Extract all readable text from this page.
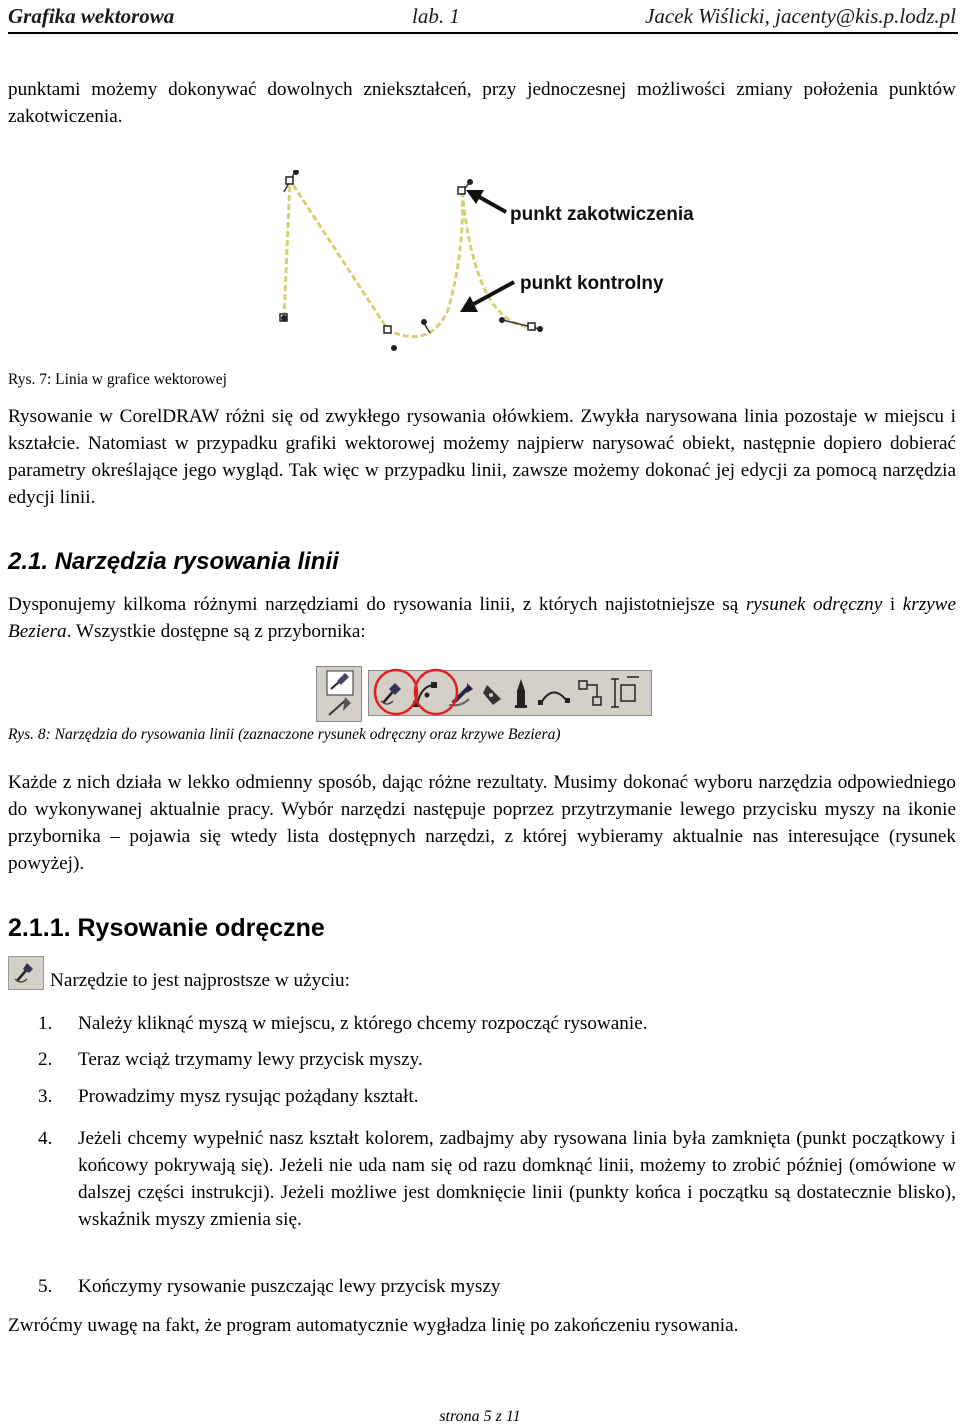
Grafika wektorowa	lab. 1	Jacek Wiślicki, jacenty@kis.p.lodz.pl

punktami możemy dokonywać dowolnych zniekształceń, przy jednoczesnej możliwości zmiany położenia punktów zakotwiczenia.

punkt zakotwiczenia
punkt kontrolny
Rys. 7: Linia w grafice wektorowej

Rysowanie w CorelDRAW różni się od zwykłego rysowania ołówkiem. Zwykła narysowana linia pozostaje w miejscu i kształcie. Natomiast w przypadku grafiki wektorowej możemy najpierw narysować obiekt, następnie dopiero dobierać parametry określające jego wygląd. Tak więc w przypadku linii, zawsze możemy dokonać jej edycji za pomocą narzędzia edycji linii.

2.1. Narzędzia rysowania linii

Dysponujemy kilkoma różnymi narzędziami do rysowania linii, z których najistotniejsze są rysunek odręczny i krzywe Beziera. Wszystkie dostępne są z przybornika:

Rys. 8: Narzędzia do rysowania linii (zaznaczone rysunek odręczny oraz krzywe Beziera)

Każde z nich działa w lekko odmienny sposób, dając różne rezultaty. Musimy dokonać wyboru narzędzia odpowiedniego do wykonywanej aktualnie pracy. Wybór narzędzi następuje poprzez przytrzymanie lewego przycisku myszy na ikonie przybornika – pojawia się wtedy lista dostępnych narzędzi, z której wybieramy aktualnie nas interesujące (rysunek powyżej).

2.1.1. Rysowanie odręczne
Narzędzie to jest najprostsze w użyciu:
1.	Należy kliknąć myszą w miejscu, z którego chcemy rozpocząć rysowanie.

2.	Teraz wciąż trzymamy lewy przycisk myszy.

3.	Prowadzimy mysz rysując pożądany kształt.

4.	Jeżeli chcemy wypełnić nasz kształt kolorem, zadbajmy aby rysowana linia była zamknięta (punkt początkowy i końcowy pokrywają się). Jeżeli nie uda nam się od razu domknąć linii, możemy to zrobić później (omówione w dalszej części instrukcji). Jeżeli możliwe jest domknięcie linii (punkty końca i początku są dostatecznie blisko), wskaźnik myszy zmienia się.

5.	Kończymy rysowanie puszczając lewy przycisk myszy

Zwróćmy uwagę na fakt, że program automatycznie wygładza linię po zakończeniu rysowania.

strona 5 z 11
